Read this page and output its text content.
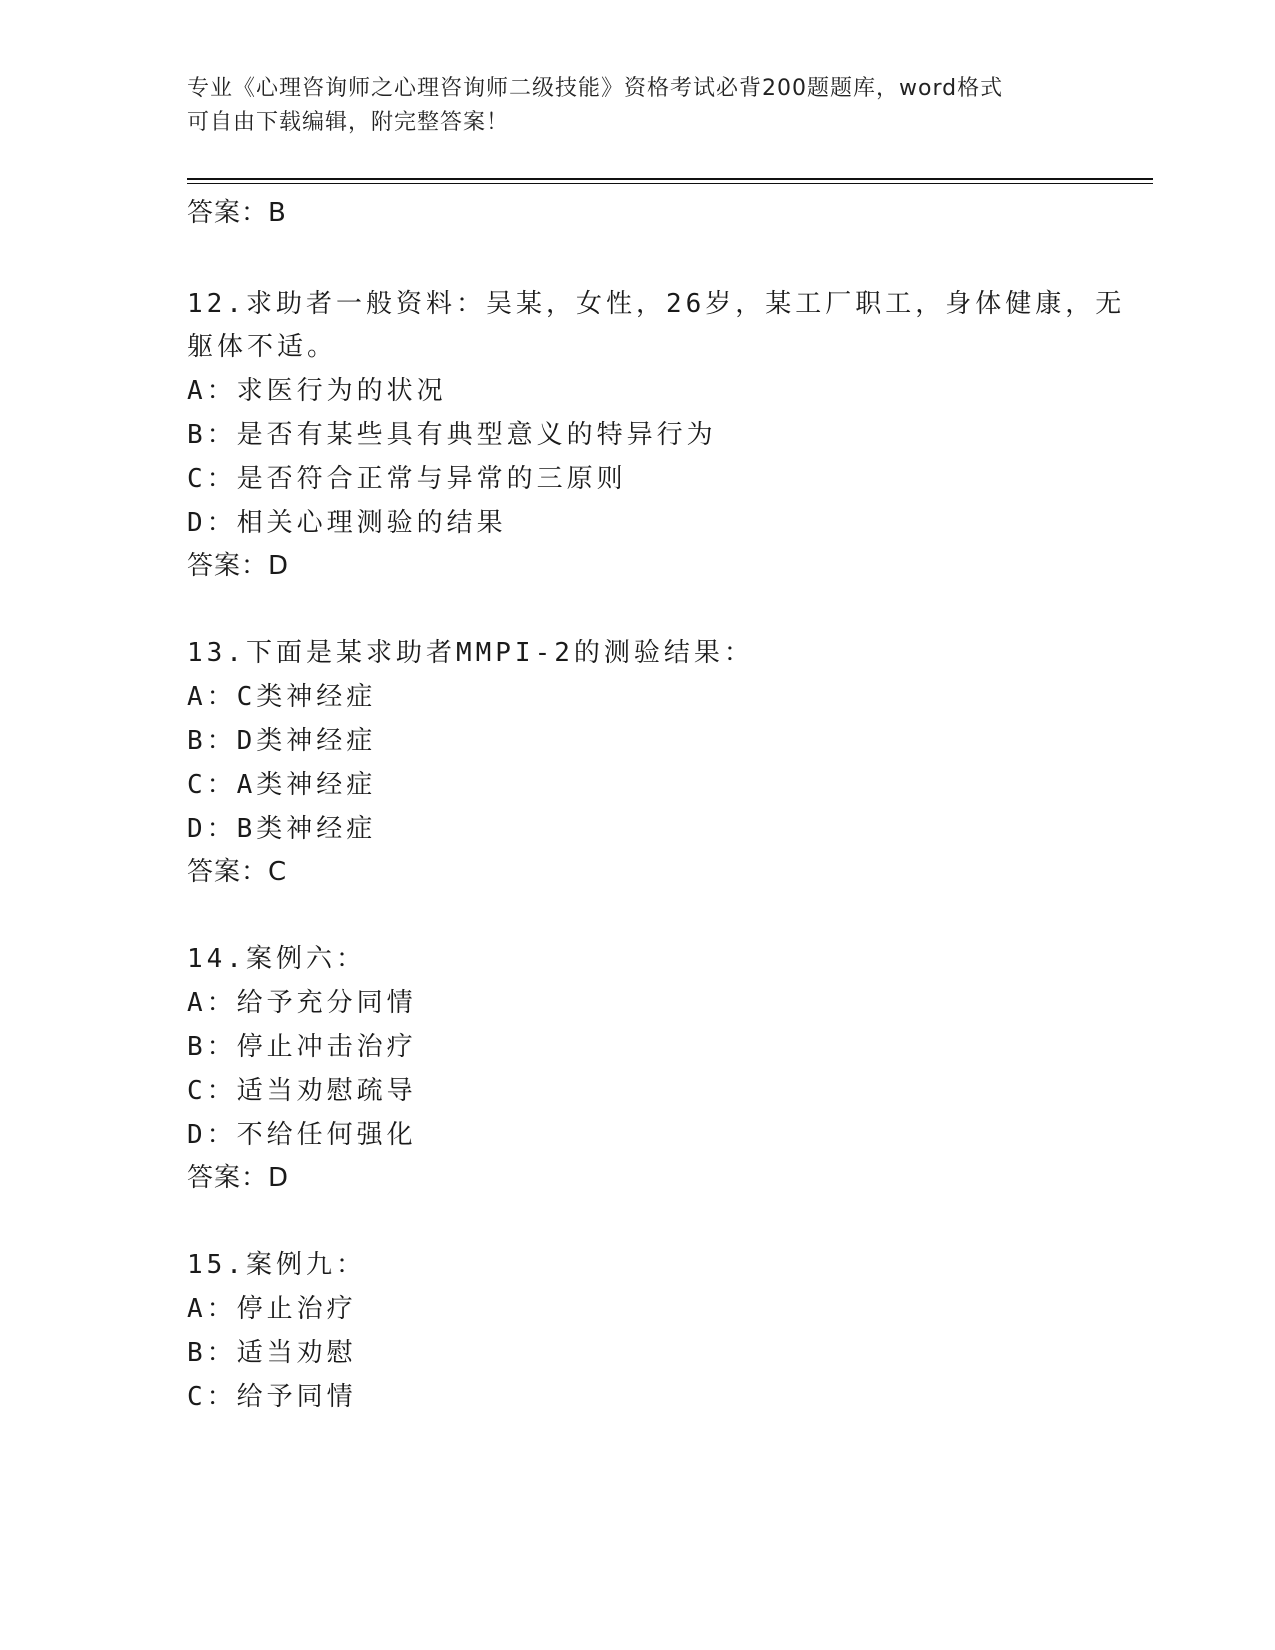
专业《心理咨询师之心理咨询师二级技能》资格考试必背200题题库，word格式
可自由下载编辑，附完整答案！
答案：B
12.求助者一般资料：吴某，女性，26岁，某工厂职工，身体健康，无
躯体不适。
A：求医行为的状况
B：是否有某些具有典型意义的特异行为
C：是否符合正常与异常的三原则
D：相关心理测验的结果
答案：D
13.下面是某求助者MMPI-2的测验结果：
A：C类神经症
B：D类神经症
C：A类神经症
D：B类神经症
答案：C
14.案例六：
A：给予充分同情
B：停止冲击治疗
C：适当劝慰疏导
D：不给任何强化
答案：D
15.案例九：
A：停止治疗
B：适当劝慰
C：给予同情
